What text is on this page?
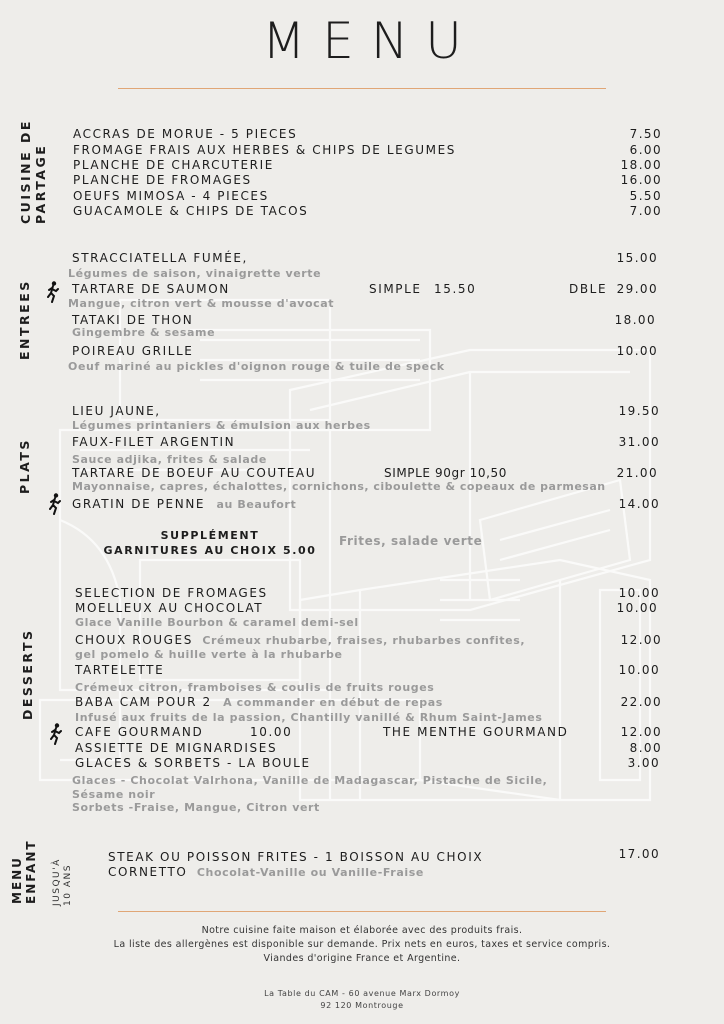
MENU
CUISINE DE PARTAGE
ACCRAS DE MORUE - 5 PIECES	7.50
FROMAGE FRAIS AUX HERBES & CHIPS DE LEGUMES	6.00
PLANCHE DE CHARCUTERIE	18.00
PLANCHE DE FROMAGES	16.00
OEUFS MIMOSA - 4 PIECES	5.50
GUACAMOLE & CHIPS DE TACOS	7.00
ENTREES
STRACCIATELLA FUMÉE,	15.00
Légumes de saison, vinaigrette verte
TARTARE DE SAUMON	SIMPLE 15.50	DBLE 29.00
Mangue, citron vert & mousse d'avocat
TATAKI DE THON	18.00
Gingembre & sesame
POIREAU GRILLE	10.00
Oeuf mariné au pickles d'oignon rouge & tuile de speck
PLATS
LIEU JAUNE,	19.50
Légumes printaniers & émulsion aux herbes
FAUX-FILET ARGENTIN	31.00
Sauce adjika, frites & salade
TARTARE DE BOEUF AU COUTEAU	SIMPLE 90gr 10,50	21.00
Mayonnaise, capres, échalottes, cornichons, ciboulette & copeaux de parmesan
GRATIN DE PENNE au Beaufort	14.00
SUPPLÉMENT
GARNITURES AU CHOIX 5.00
Frites, salade verte
DESSERTS
SELECTION DE FROMAGES	10.00
MOELLEUX AU CHOCOLAT	10.00
Glace Vanille Bourbon & caramel demi-sel
CHOUX ROUGES Crémeux rhubarbe, fraises, rhubarbes confites,	12.00
gel pomelo & huille verte à la rhubarbe
TARTELETTE	10.00
Crémeux citron, framboises & coulis de fruits rouges
BABA CAM POUR 2 A commander en début de repas	22.00
Infusé aux fruits de la passion, Chantilly vanillé & Rhum Saint-James
CAFE GOURMAND	10.00	THE MENTHE GOURMAND	12.00
ASSIETTE DE MIGNARDISES	8.00
GLACES & SORBETS - LA BOULE	3.00
Glaces - Chocolat Valrhona, Vanille de Madagascar, Pistache de Sicile,
Sésame noir
Sorbets -Fraise, Mangue, Citron vert
MENU ENFANT JUSQU'À 10 ANS
STEAK OU POISSON FRITES - 1 BOISSON AU CHOIX	17.00
CORNETTO Chocolat-Vanille ou Vanille-Fraise
Notre cuisine faite maison et élaborée avec des produits frais.
La liste des allergènes est disponible sur demande. Prix nets en euros, taxes et service compris.
Viandes d'origine France et Argentine.
La Table du CAM - 60 avenue Marx Dormoy
92 120 Montrouge
